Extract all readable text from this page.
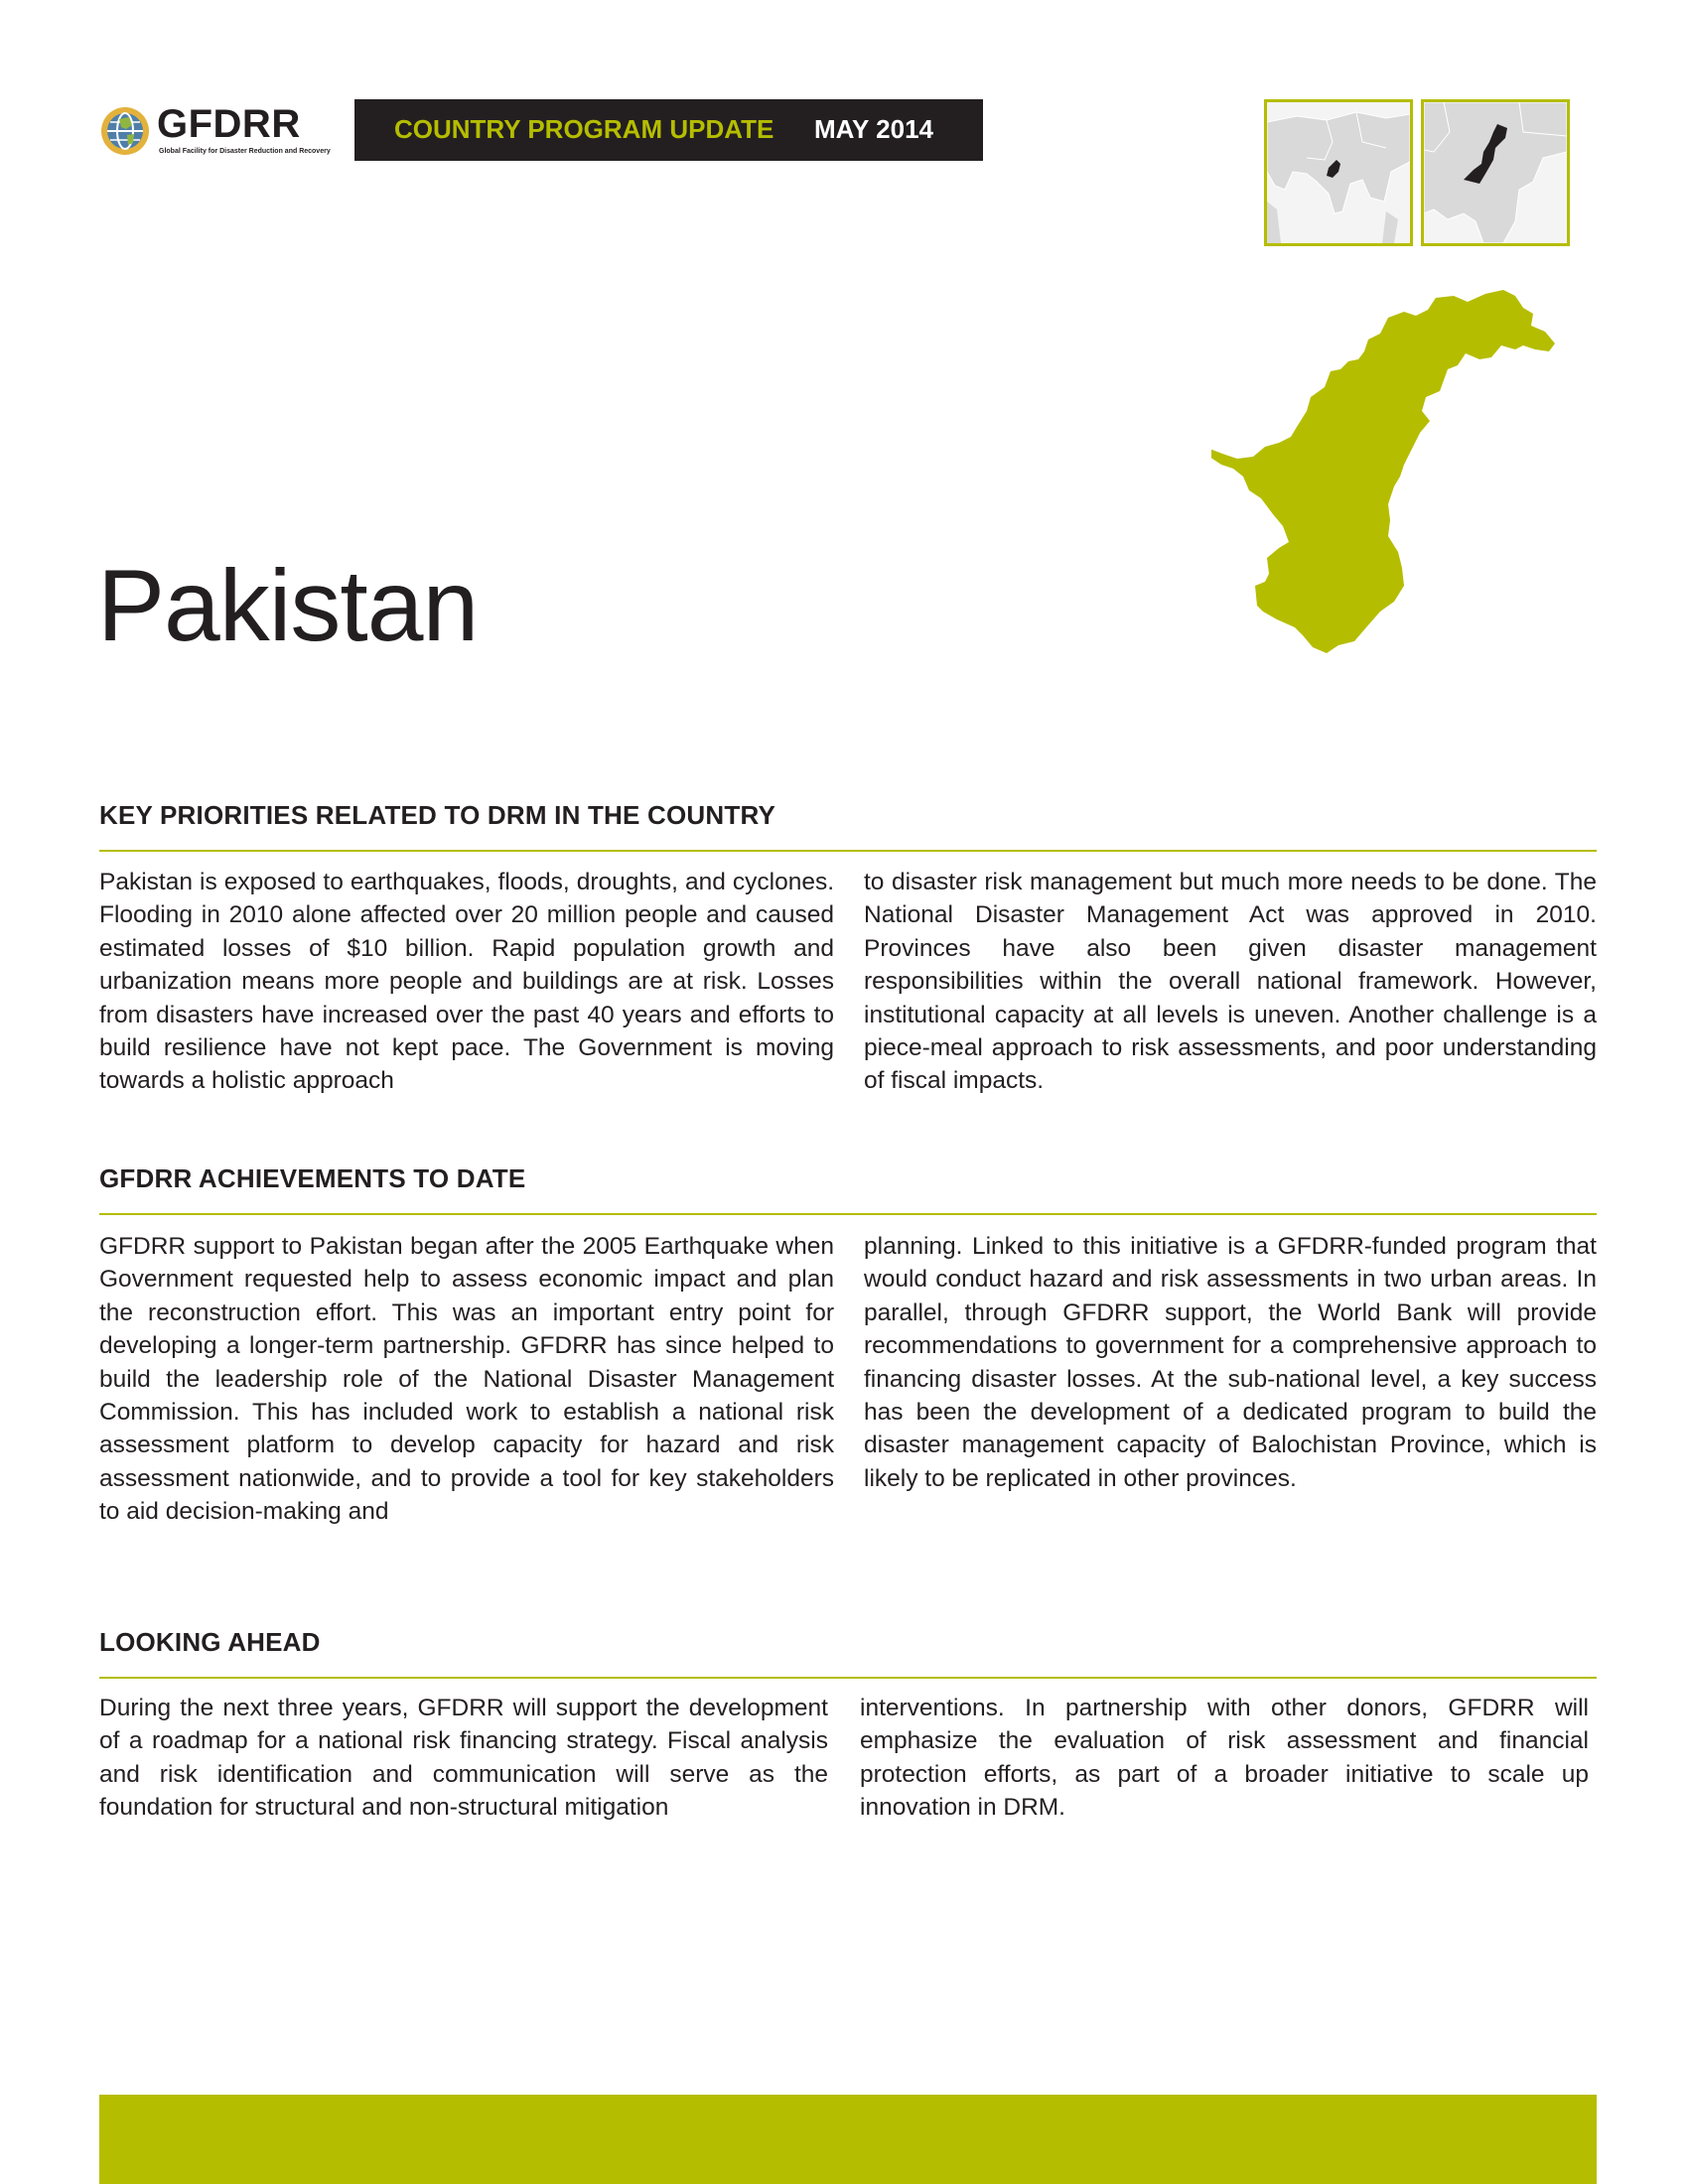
GFDRR
Global Facility for Disaster Reduction and Recovery
COUNTRY PROGRAM UPDATE MAY 2014
Pakistan
KEY PRIORITIES RELATED TO DRM IN THE COUNTRY

Pakistan is exposed to earthquakes, floods, droughts, and cyclones. Flooding in 2010 alone affected over 20 million people and caused estimated losses of $10 billion. Rapid population growth and urbanization means more people and buildings are at risk. Losses from disasters have increased over the past 40 years and efforts to build resilience have not kept pace. The Government is moving towards a holistic approach

to disaster risk management but much more needs to be done. The National Disaster Management Act was approved in 2010. Provinces have also been given disaster management responsibilities within the overall national framework. However, institutional capacity at all levels is uneven. Another challenge is a piece-meal approach to risk assessments, and poor understanding of fiscal impacts.

GFDRR ACHIEVEMENTS TO DATE

GFDRR support to Pakistan began after the 2005 Earthquake when Government requested help to assess economic impact and plan the reconstruction effort. This was an important entry point for developing a longer-term partnership. GFDRR has since helped to build the leadership role of the National Disaster Management Commission. This has included work to establish a national risk assessment platform to develop capacity for hazard and risk assessment nationwide, and to provide a tool for key stakeholders to aid decision-making and

planning. Linked to this initiative is a GFDRR-funded program that would conduct hazard and risk assessments in two urban areas. In parallel, through GFDRR support, the World Bank will provide recommendations to government for a comprehensive approach to financing disaster losses. At the sub-national level, a key success has been the development of a dedicated program to build the disaster management capacity of Balochistan Province, which is likely to be replicated in other provinces.

LOOKING AHEAD

During the next three years, GFDRR will support the development of a roadmap for a national risk financing strategy. Fiscal analysis and risk identification and communication will serve as the foundation for structural and non-structural mitigation

interventions. In partnership with other donors, GFDRR will emphasize the evaluation of risk assessment and financial protection efforts, as part of a broader initiative to scale up innovation in DRM.
